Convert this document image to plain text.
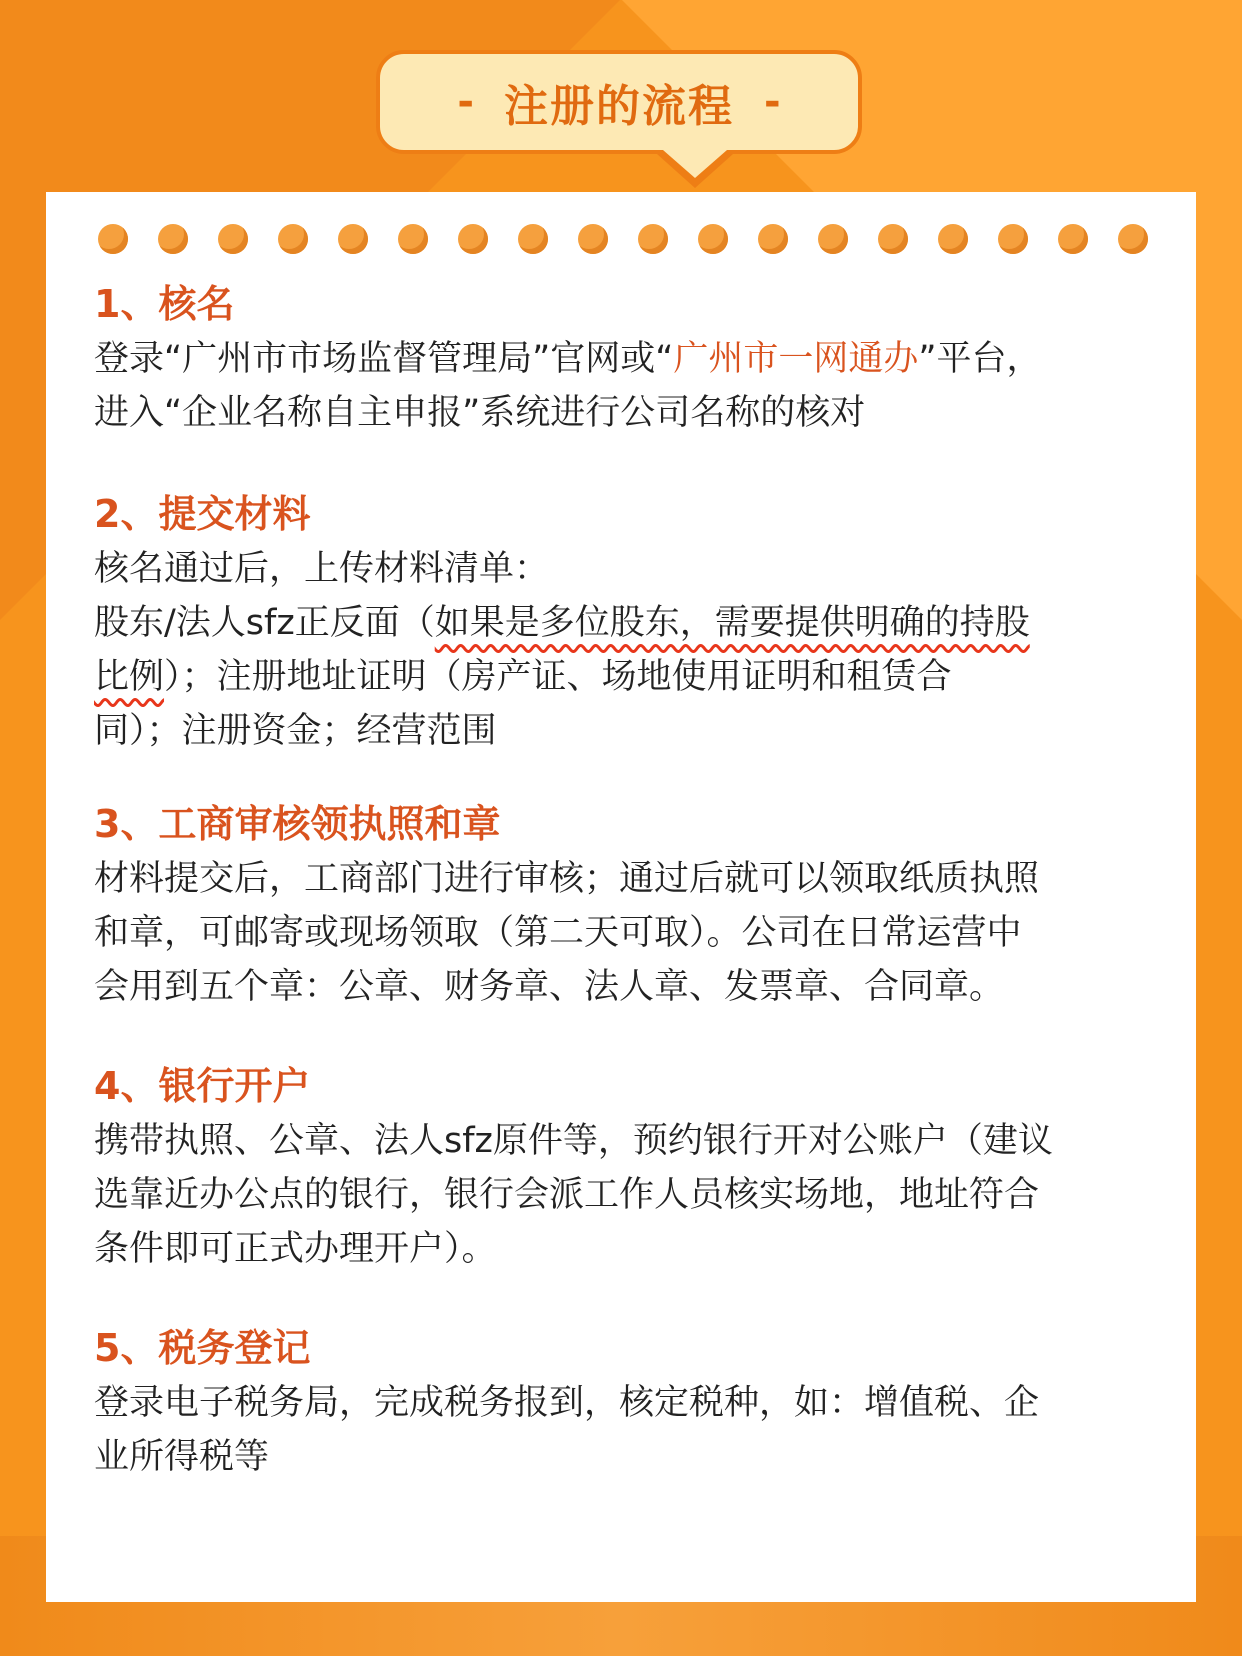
- 注册的流程 -
1、核名
登录“广州市市场监督管理局”官网或“广州市一网通办”平台，
进入“企业名称自主申报”系统进行公司名称的核对
2、提交材料
核名通过后，上传材料清单：
股东/法人sfz正反面（如果是多位股东，需要提供明确的持股
比例）；注册地址证明（房产证、场地使用证明和租赁合
同）；注册资金；经营范围
3、工商审核领执照和章
材料提交后，工商部门进行审核；通过后就可以领取纸质执照
和章，可邮寄或现场领取（第二天可取）。公司在日常运营中
会用到五个章：公章、财务章、法人章、发票章、合同章。
4、银行开户
携带执照、公章、法人sfz原件等，预约银行开对公账户（建议
选靠近办公点的银行，银行会派工作人员核实场地，地址符合
条件即可正式办理开户）。
5、税务登记
登录电子税务局，完成税务报到，核定税种，如：增值税、企
业所得税等
